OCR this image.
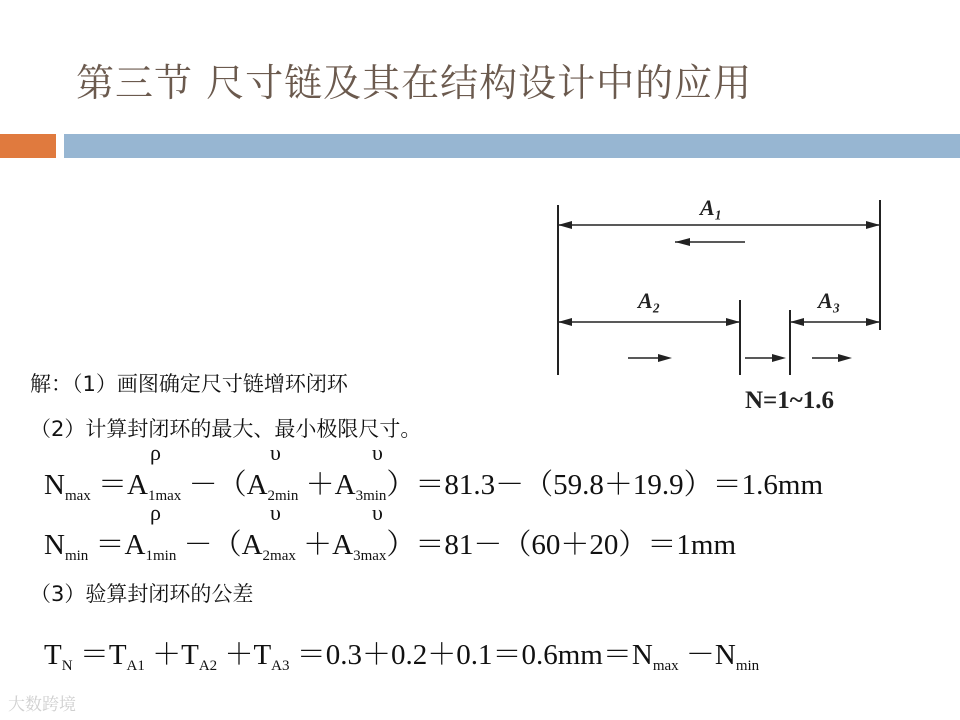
第三节 尺寸链及其在结构设计中的应用
A₁
A₂	A₃
N=1~1.6
解：（1）画图确定尺寸链增环闭环
（2）计算封闭环的最大、最小极限尺寸。
ρ	υ	υ
$N_{max} =A_{1max} -(A_{2min} +A_{3min})=81.3-(59.8+19.9)=1.6mm$
ρ	υ	υ
$N_{min} =A_{1min} -(A_{2max} +A_{3max})=81-(60+20)=1mm$
（3）验算封闭环的公差
$T_N =T_{A1} +T_{A2} +T_{A3} =0.3+0.2+0.1=0.6mm=N_{max} -N_{min}$
大数跨境
